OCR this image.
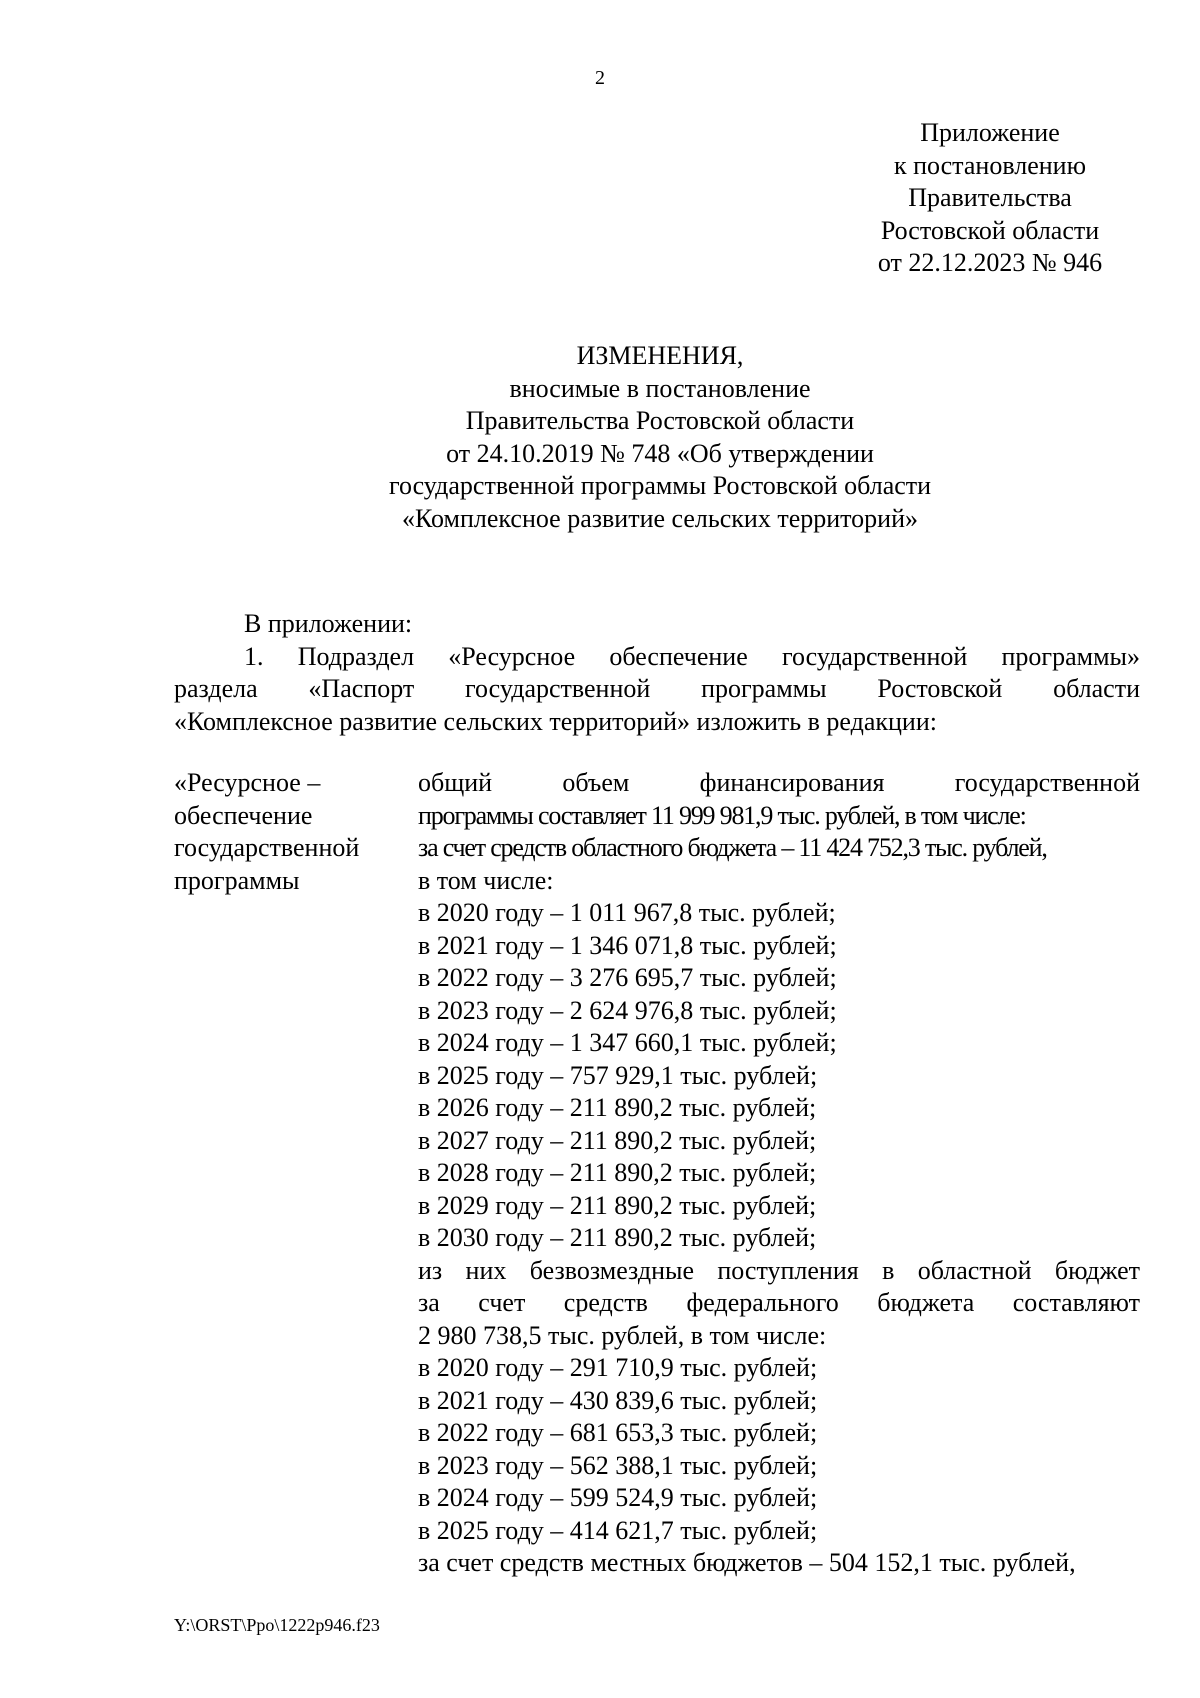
2
Приложение
к постановлению
Правительства
Ростовской области
от 22.12.2023 № 946
ИЗМЕНЕНИЯ,
вносимые в постановление
Правительства Ростовской области
от 24.10.2019 № 748 «Об утверждении
государственной программы Ростовской области
«Комплексное развитие сельских территорий»
В приложении:
1. Подраздел «Ресурсное обеспечение государственной программы»
раздела «Паспорт государственной программы Ростовской области
«Комплексное развитие сельских территорий» изложить в редакции:
«Ресурсное –
обеспечение
государственной
программы
общий объем финансирования государственной
программы составляет 11 999 981,9 тыс. рублей, в том числе:
за счет средств областного бюджета – 11 424 752,3 тыс. рублей,
в том числе:
в 2020 году – 1 011 967,8 тыс. рублей;
в 2021 году – 1 346 071,8 тыс. рублей;
в 2022 году – 3 276 695,7 тыс. рублей;
в 2023 году – 2 624 976,8 тыс. рублей;
в 2024 году – 1 347 660,1 тыс. рублей;
в 2025 году – 757 929,1 тыс. рублей;
в 2026 году – 211 890,2 тыс. рублей;
в 2027 году – 211 890,2 тыс. рублей;
в 2028 году – 211 890,2 тыс. рублей;
в 2029 году – 211 890,2 тыс. рублей;
в 2030 году – 211 890,2 тыс. рублей;
из них безвозмездные поступления в областной бюджет
за счет средств федерального бюджета составляют
2 980 738,5 тыс. рублей, в том числе:
в 2020 году – 291 710,9 тыс. рублей;
в 2021 году – 430 839,6 тыс. рублей;
в 2022 году – 681 653,3 тыс. рублей;
в 2023 году – 562 388,1 тыс. рублей;
в 2024 году – 599 524,9 тыс. рублей;
в 2025 году – 414 621,7 тыс. рублей;
за счет средств местных бюджетов – 504 152,1 тыс. рублей,
Y:\ORST\Ppo\1222p946.f23
